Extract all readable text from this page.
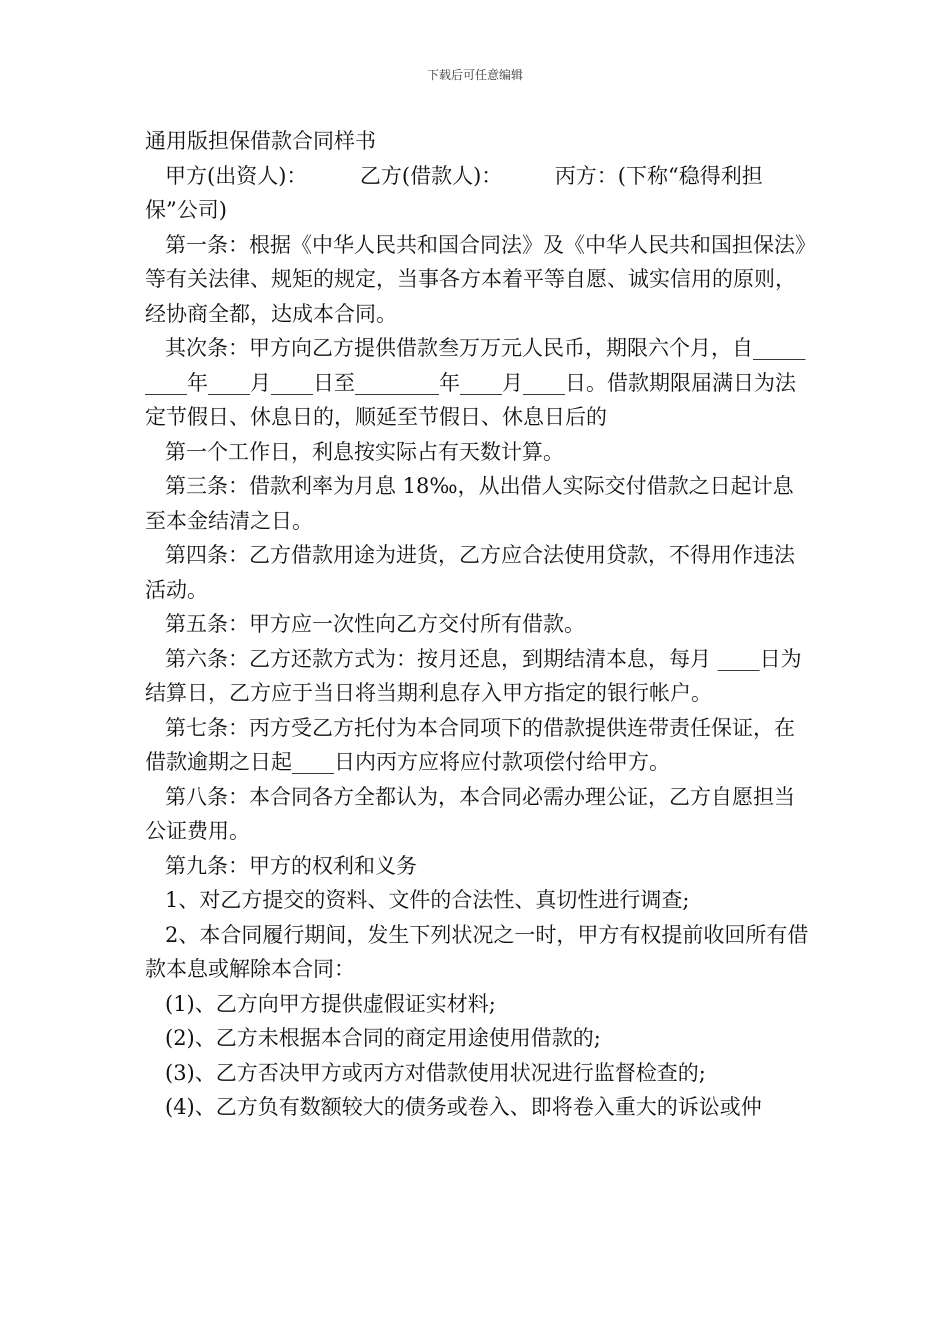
下载后可任意编辑

通用版担保借款合同样书

甲方(出资人)：　　　乙方(借款人)：　　　丙方：(下称“稳得利担保”公司)

第一条：根据《中华人民共和国合同法》及《中华人民共和国担保法》等有关法律、规矩的规定，当事各方本着平等自愿、诚实信用的原则，经协商全都，达成本合同。

其次条：甲方向乙方提供借款叁万万元人民币，期限六个月，自_________年____月____日至________年____月____日。借款期限届满日为法定节假日、休息日的，顺延至节假日、休息日后的

第一个工作日，利息按实际占有天数计算。

第三条：借款利率为月息 18‰，从出借人实际交付借款之日起计息至本金结清之日。

第四条：乙方借款用途为进货，乙方应合法使用贷款，不得用作违法活动。

第五条：甲方应一次性向乙方交付所有借款。

第六条：乙方还款方式为：按月还息，到期结清本息，每月 ____日为结算日，乙方应于当日将当期利息存入甲方指定的银行帐户。

第七条：丙方受乙方托付为本合同项下的借款提供连带责任保证，在借款逾期之日起____日内丙方应将应付款项偿付给甲方。

第八条：本合同各方全都认为，本合同必需办理公证，乙方自愿担当公证费用。

第九条：甲方的权利和义务

1、对乙方提交的资料、文件的合法性、真切性进行调查;

2、本合同履行期间，发生下列状况之一时，甲方有权提前收回所有借款本息或解除本合同：

(1)、乙方向甲方提供虚假证实材料;

(2)、乙方未根据本合同的商定用途使用借款的;

(3)、乙方否决甲方或丙方对借款使用状况进行监督检查的;

(4)、乙方负有数额较大的债务或卷入、即将卷入重大的诉讼或仲
